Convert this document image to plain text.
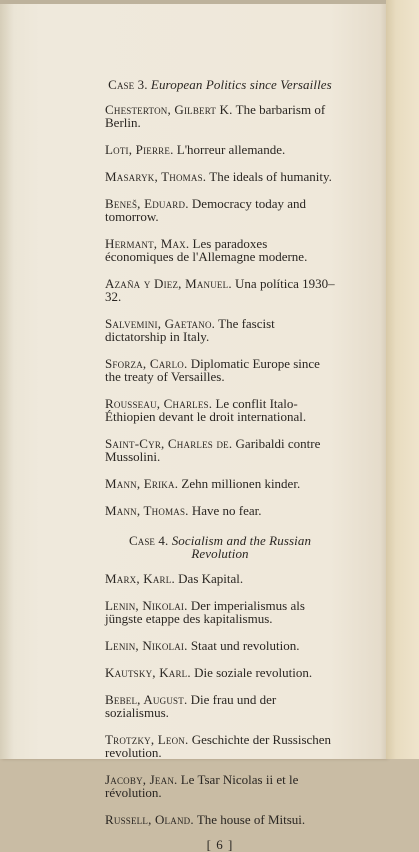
Case 3. European Politics since Versailles
Chesterton, Gilbert K. The barbarism of Berlin.
Loti, Pierre. L'horreur allemande.
Masaryk, Thomas. The ideals of humanity.
Beneš, Eduard. Democracy today and tomorrow.
Hermant, Max. Les paradoxes économiques de l'Allemagne moderne.
Azaña y Diez, Manuel. Una política 1930–32.
Salvemini, Gaetano. The fascist dictatorship in Italy.
Sforza, Carlo. Diplomatic Europe since the treaty of Versailles.
Rousseau, Charles. Le conflit Italo-Éthiopien devant le droit international.
Saint-Cyr, Charles de. Garibaldi contre Mussolini.
Mann, Erika. Zehn millionen kinder.
Mann, Thomas. Have no fear.
Case 4. Socialism and the Russian Revolution
Marx, Karl. Das Kapital.
Lenin, Nikolai. Der imperialismus als jüngste etappe des kapitalismus.
Lenin, Nikolai. Staat und revolution.
Kautsky, Karl. Die soziale revolution.
Bebel, August. Die frau und der sozialismus.
Trotzky, Leon. Geschichte der Russischen revolution.
Jacoby, Jean. Le Tsar Nicolas ii et le révolution.
Russell, Oland. The house of Mitsui.
[ 6 ]
